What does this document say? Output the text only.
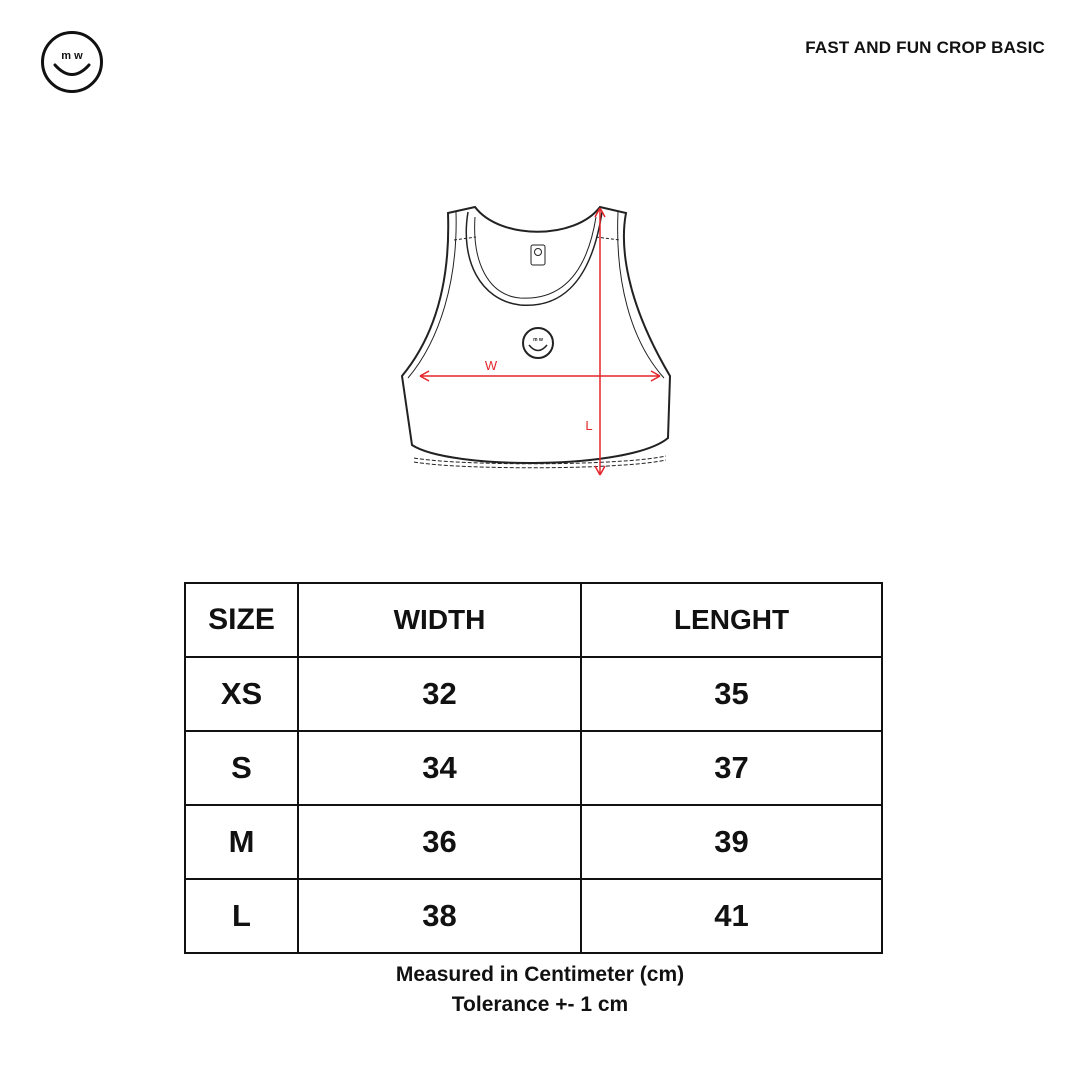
m w	FAST AND FUN CROP BASIC
m w
W
L
SIZE	WIDTH	LENGHT
XS	32	35
S	34	37
M	36	39
L	38	41
Measured in Centimeter (cm)
Tolerance +- 1 cm
